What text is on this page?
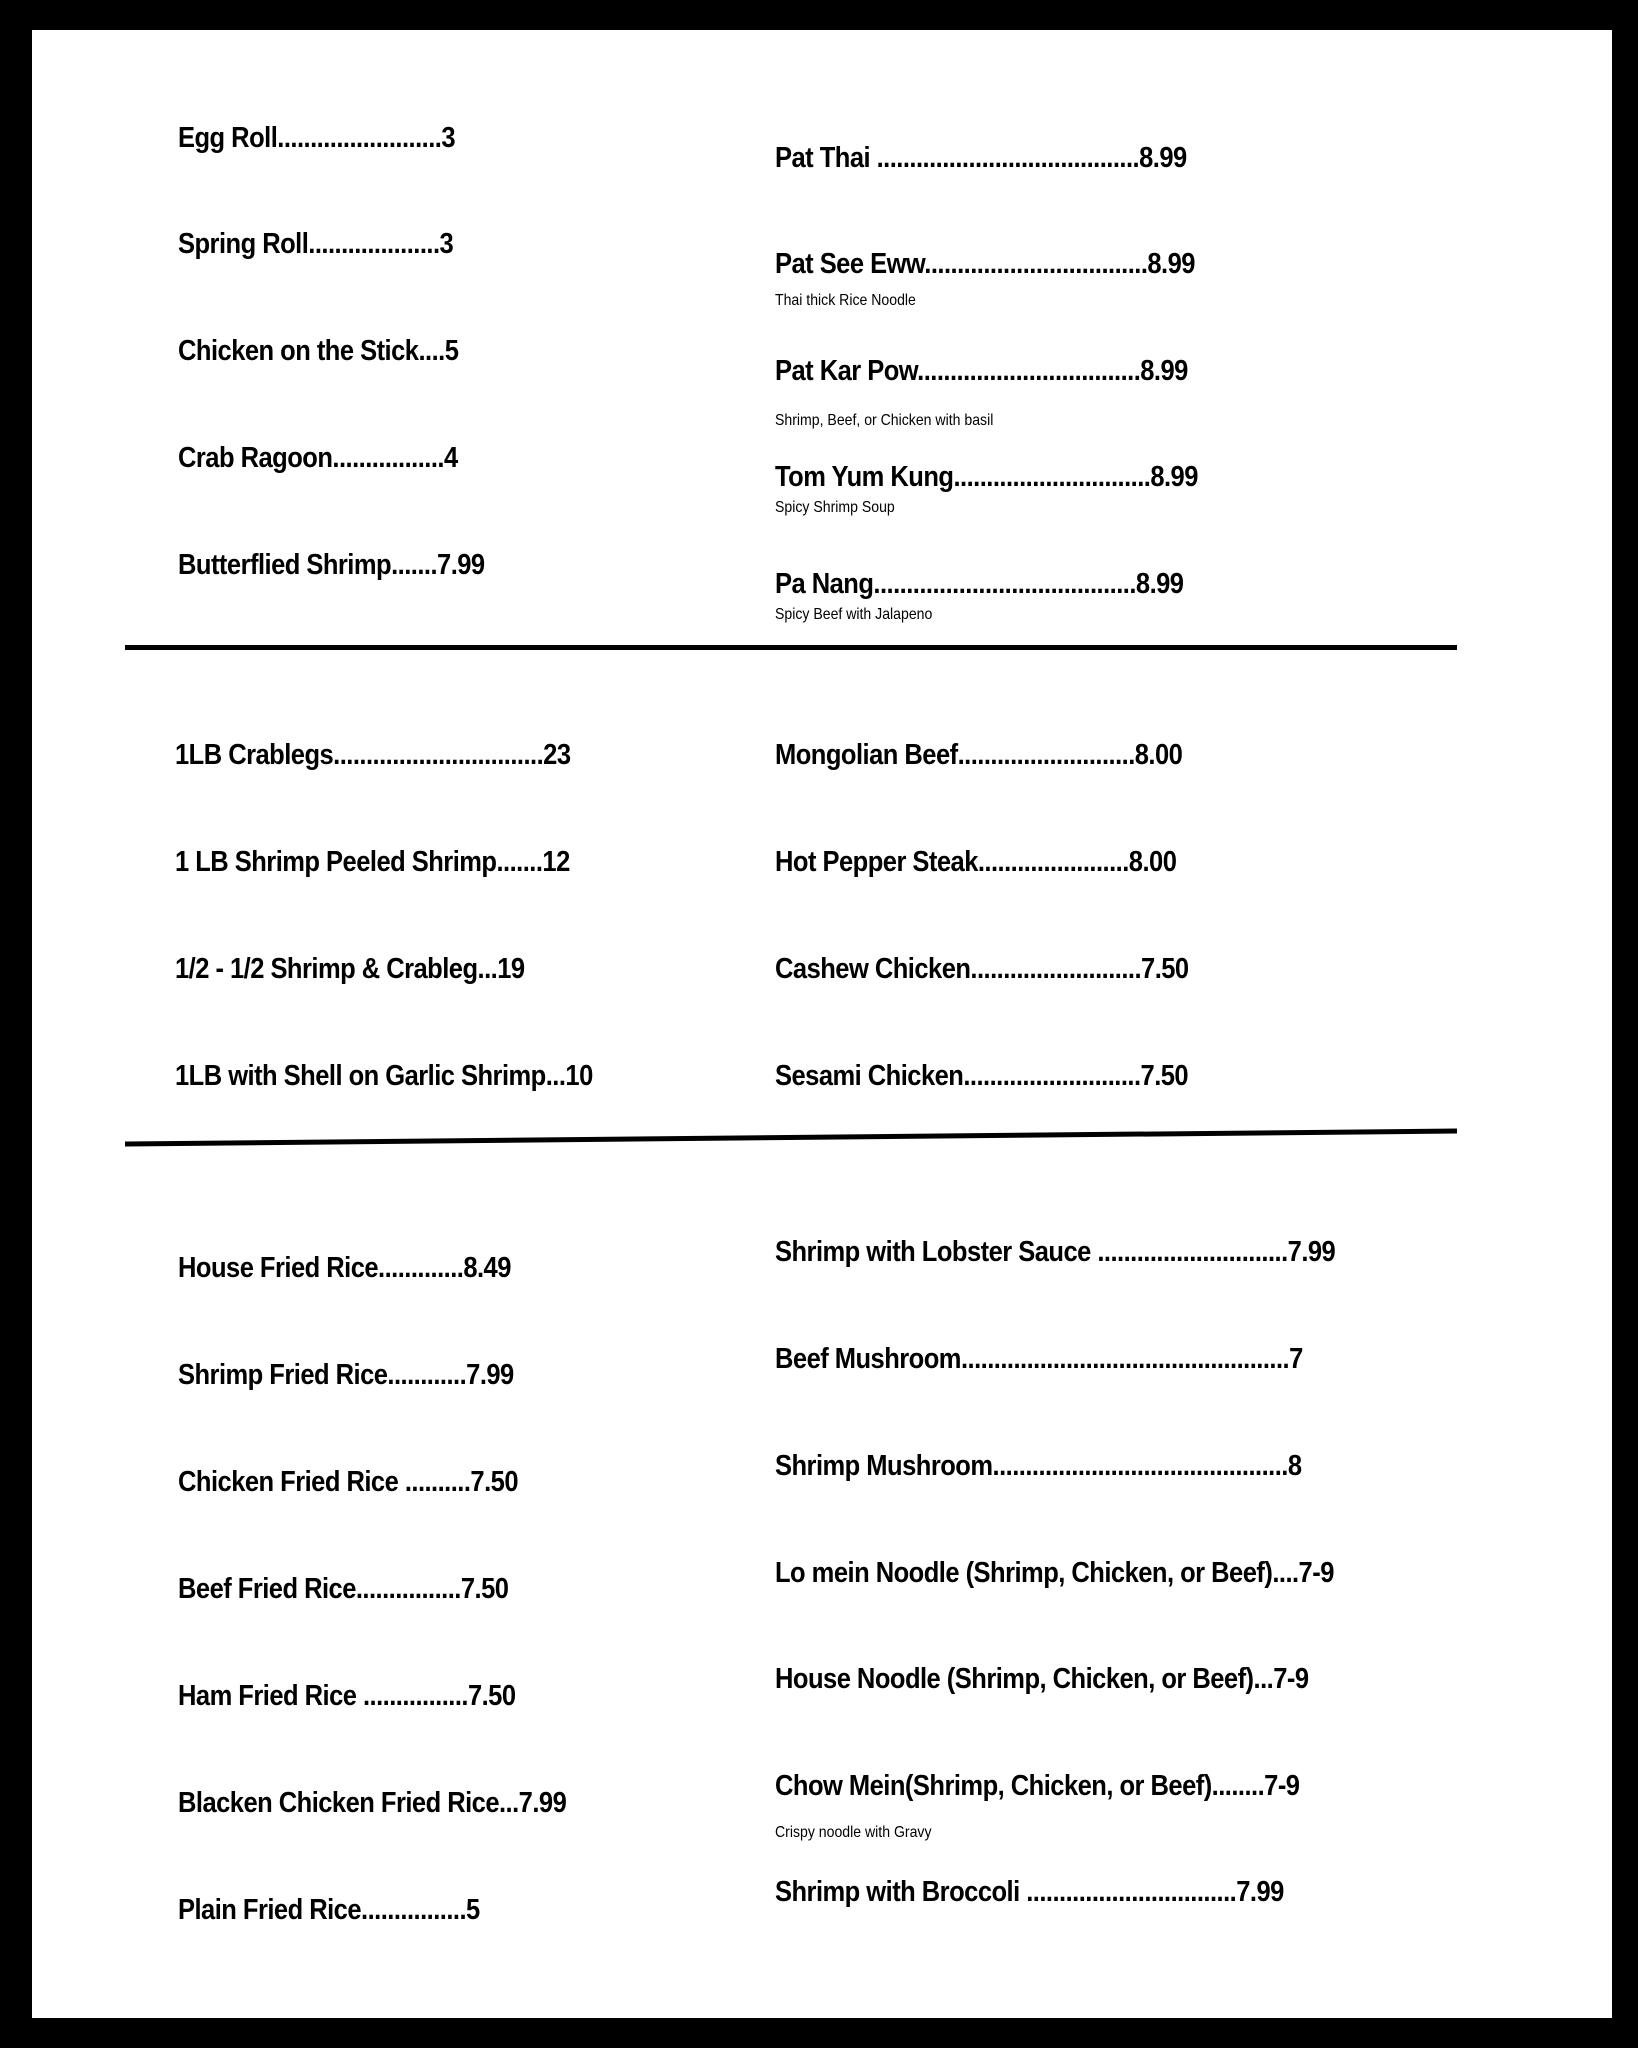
Egg Roll.........................3
Spring Roll....................3
Chicken on the Stick....5
Crab Ragoon.................4
Butterflied Shrimp.......7.99
Pat Thai ........................................8.99
Pat See Eww..................................8.99
Thai thick Rice Noodle
Pat Kar Pow..................................8.99
Shrimp, Beef, or Chicken with basil
Tom Yum Kung..............................8.99
Spicy Shrimp Soup
Pa Nang........................................8.99
Spicy Beef with Jalapeno
1LB Crablegs................................23
1 LB Shrimp Peeled Shrimp.......12
1/2 - 1/2 Shrimp & Crableg...19
1LB with Shell on Garlic Shrimp...10
Mongolian Beef...........................8.00
Hot Pepper Steak.......................8.00
Cashew Chicken..........................7.50
Sesami Chicken...........................7.50
House Fried Rice.............8.49
Shrimp Fried Rice............7.99
Chicken Fried Rice ..........7.50
Beef Fried Rice................7.50
Ham Fried Rice ................7.50
Blacken Chicken Fried Rice...7.99
Plain Fried Rice................5
Shrimp with Lobster Sauce .............................7.99
Beef Mushroom..................................................7
Shrimp Mushroom.............................................8
Lo mein Noodle (Shrimp, Chicken, or Beef)....7-9
House Noodle (Shrimp, Chicken, or Beef)...7-9
Chow Mein(Shrimp, Chicken, or Beef)........7-9
Crispy noodle with Gravy
Shrimp with Broccoli ................................7.99
